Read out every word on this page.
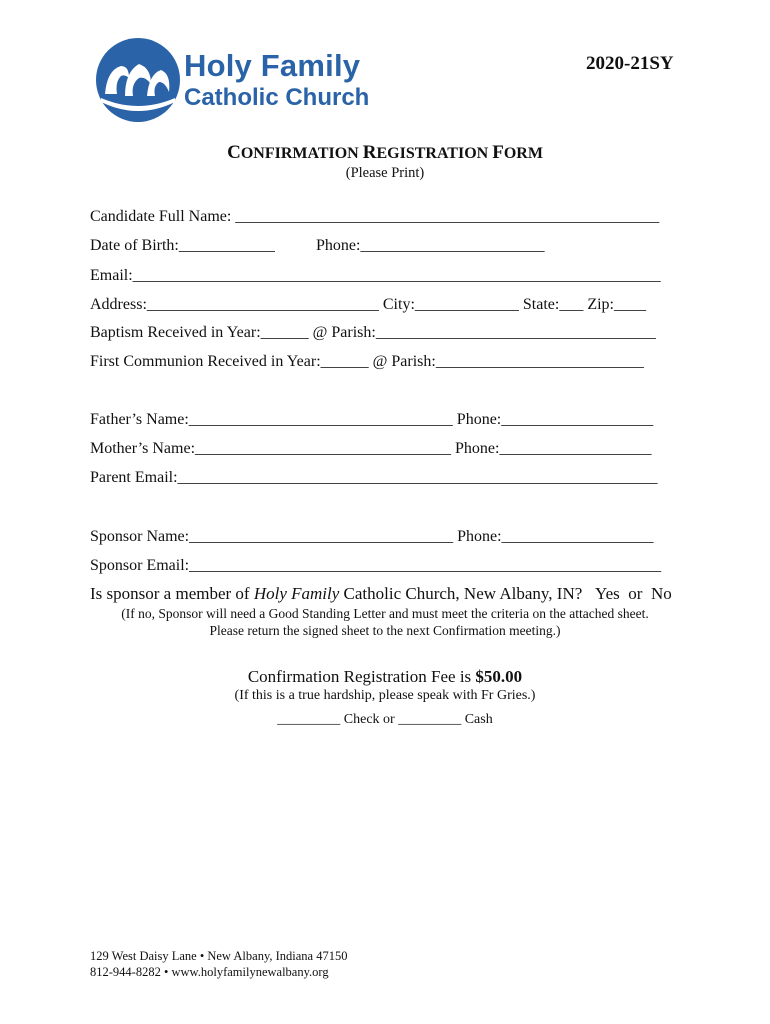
Holy Family
Catholic Church
2020-21SY
CONFIRMATION REGISTRATION FORM
(Please Print)
Candidate Full Name: _____________________________________________________
Date of Birth:____________	Phone:_______________________
Email:__________________________________________________________________
Address:_____________________________ City:_____________ State:___ Zip:____
Baptism Received in Year:______ @ Parish:___________________________________
First Communion Received in Year:______ @ Parish:__________________________
Father’s Name:_________________________________ Phone:___________________
Mother’s Name:________________________________ Phone:___________________
Parent Email:____________________________________________________________
Sponsor Name:_________________________________ Phone:___________________
Sponsor Email:___________________________________________________________
Is sponsor a member of Holy Family Catholic Church, New Albany, IN? Yes or No
(If no, Sponsor will need a Good Standing Letter and must meet the criteria on the attached sheet.
Please return the signed sheet to the next Confirmation meeting.)
Confirmation Registration Fee is $50.00
(If this is a true hardship, please speak with Fr Gries.)
_________ Check or _________ Cash
129 West Daisy Lane • New Albany, Indiana 47150
812-944-8282 • www.holyfamilynewalbany.org
